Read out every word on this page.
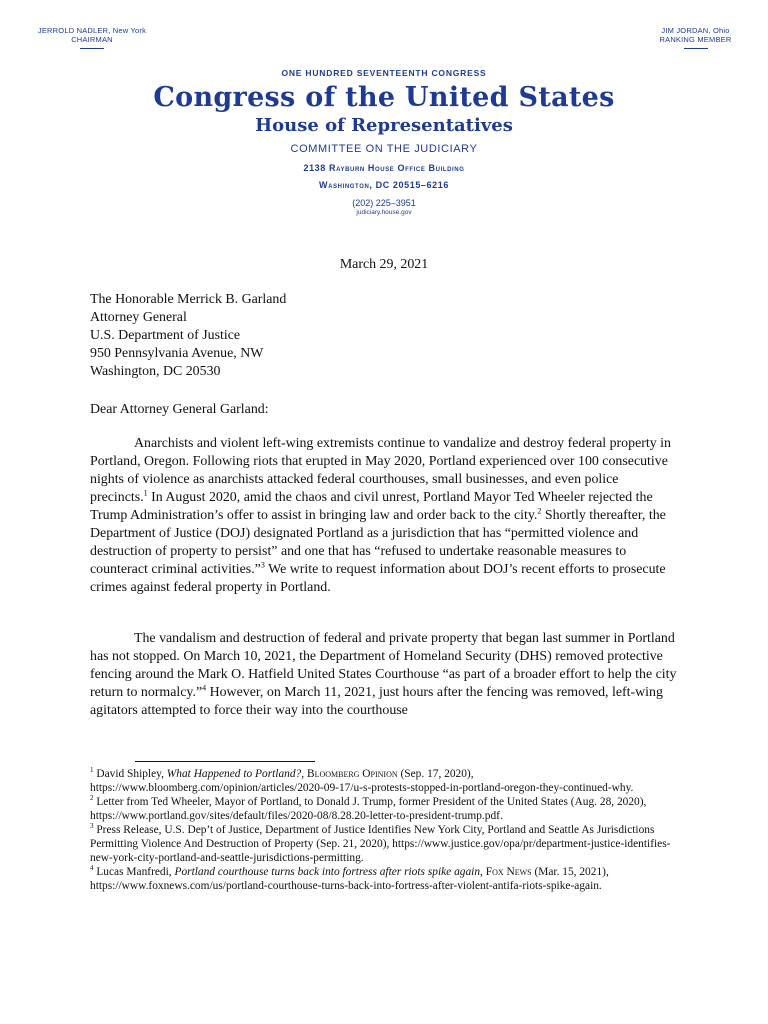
JERROLD NADLER, New York
CHAIRMAN
JIM JORDAN, Ohio
RANKING MEMBER
ONE HUNDRED SEVENTEENTH CONGRESS
Congress of the United States
House of Representatives
COMMITTEE ON THE JUDICIARY
2138 Rayburn House Office Building
Washington, DC 20515–6216
(202) 225–3951
judiciary.house.gov
March 29, 2021
The Honorable Merrick B. Garland
Attorney General
U.S. Department of Justice
950 Pennsylvania Avenue, NW
Washington, DC 20530
Dear Attorney General Garland:

Anarchists and violent left-wing extremists continue to vandalize and destroy federal property in Portland, Oregon. Following riots that erupted in May 2020, Portland experienced over 100 consecutive nights of violence as anarchists attacked federal courthouses, small businesses, and even police precincts.$^1$ In August 2020, amid the chaos and civil unrest, Portland Mayor Ted Wheeler rejected the Trump Administration’s offer to assist in bringing law and order back to the city.$^2$ Shortly thereafter, the Department of Justice (DOJ) designated Portland as a jurisdiction that has “permitted violence and destruction of property to persist” and one that has “refused to undertake reasonable measures to counteract criminal activities.”$^3$ We write to request information about DOJ’s recent efforts to prosecute crimes against federal property in Portland.

The vandalism and destruction of federal and private property that began last summer in Portland has not stopped. On March 10, 2021, the Department of Homeland Security (DHS) removed protective fencing around the Mark O. Hatfield United States Courthouse “as part of a broader effort to help the city return to normalcy.”$^4$ However, on March 11, 2021, just hours after the fencing was removed, left-wing agitators attempted to force their way into the courthouse

$^1$ David Shipley, What Happened to Portland?, Bloomberg Opinion (Sep. 17, 2020), https://www.bloomberg.com/opinion/articles/2020-09-17/u-s-protests-stopped-in-portland-oregon-they-continued-why.

$^2$ Letter from Ted Wheeler, Mayor of Portland, to Donald J. Trump, former President of the United States (Aug. 28, 2020), https://www.portland.gov/sites/default/files/2020-08/8.28.20-letter-to-president-trump.pdf.

$^3$ Press Release, U.S. Dep’t of Justice, Department of Justice Identifies New York City, Portland and Seattle As Jurisdictions Permitting Violence And Destruction of Property (Sep. 21, 2020), https://www.justice.gov/opa/pr/department-justice-identifies-new-york-city-portland-and-seattle-jurisdictions-permitting.

$^4$ Lucas Manfredi, Portland courthouse turns back into fortress after riots spike again, Fox News (Mar. 15, 2021), https://www.foxnews.com/us/portland-courthouse-turns-back-into-fortress-after-violent-antifa-riots-spike-again.
